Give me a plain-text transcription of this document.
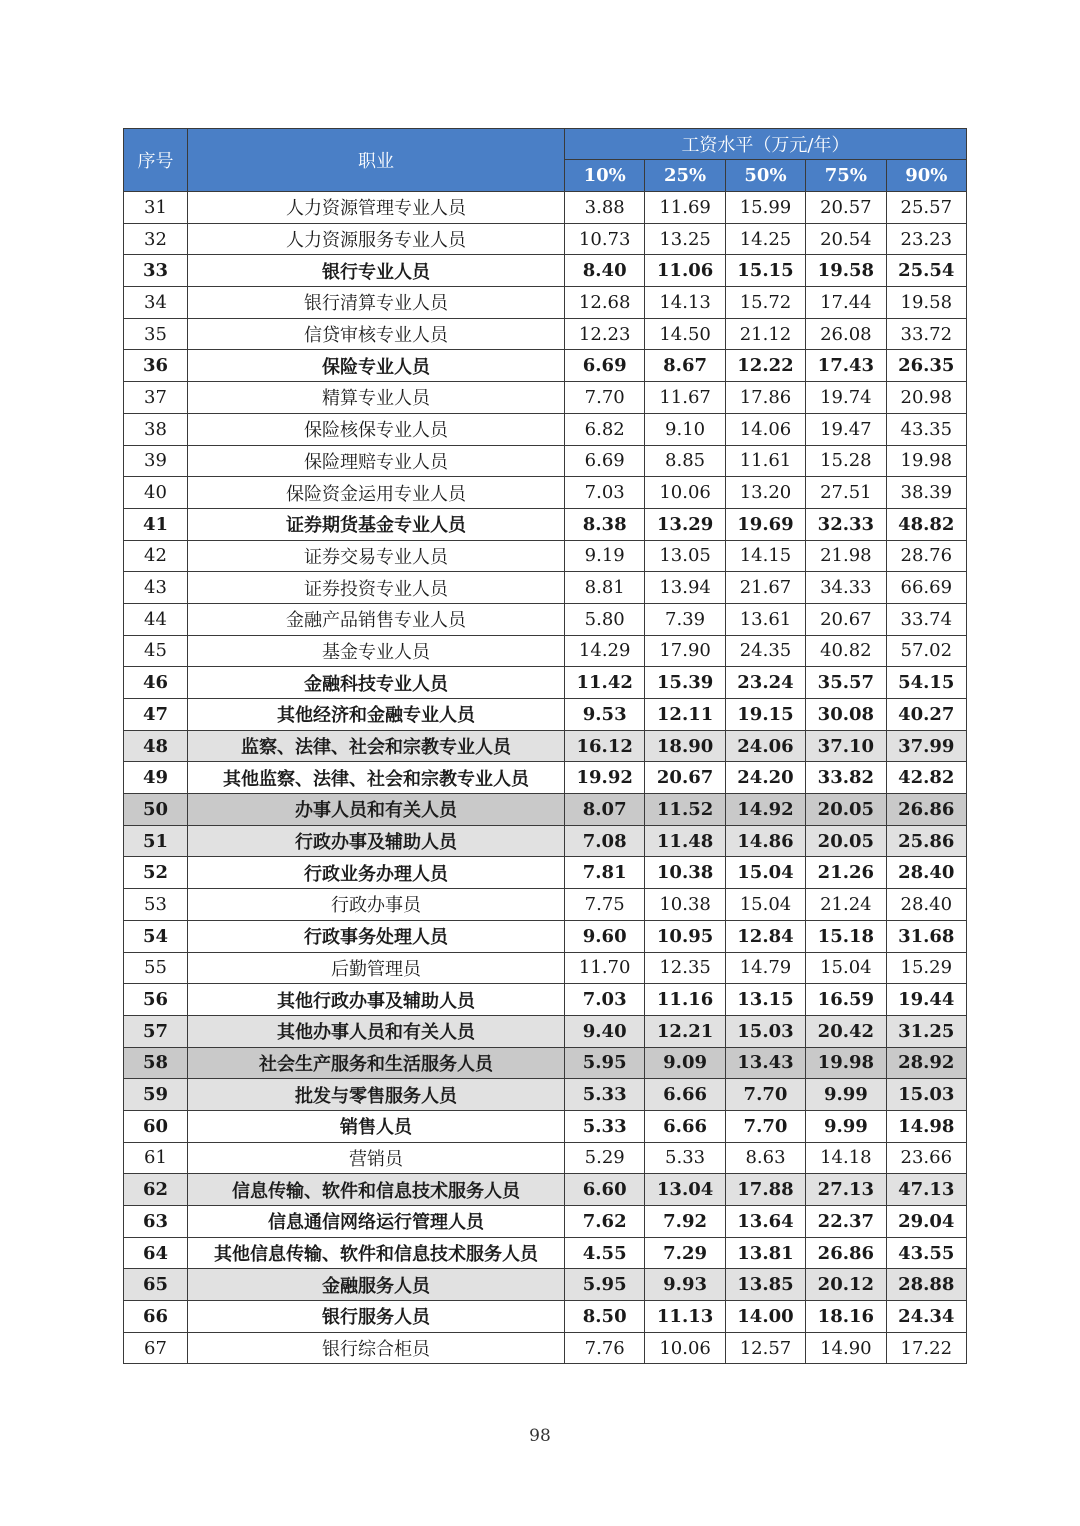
序号	职业	工资水平（万元/年）				
		10%	25%	50%	75%	90%
31	人力资源管理专业人员	3.88	11.69	15.99	20.57	25.57
32	人力资源服务专业人员	10.73	13.25	14.25	20.54	23.23
33	银行专业人员	8.40	11.06	15.15	19.58	25.54
34	银行清算专业人员	12.68	14.13	15.72	17.44	19.58
35	信贷审核专业人员	12.23	14.50	21.12	26.08	33.72
36	保险专业人员	6.69	8.67	12.22	17.43	26.35
37	精算专业人员	7.70	11.67	17.86	19.74	20.98
38	保险核保专业人员	6.82	9.10	14.06	19.47	43.35
39	保险理赔专业人员	6.69	8.85	11.61	15.28	19.98
40	保险资金运用专业人员	7.03	10.06	13.20	27.51	38.39
41	证券期货基金专业人员	8.38	13.29	19.69	32.33	48.82
42	证券交易专业人员	9.19	13.05	14.15	21.98	28.76
43	证券投资专业人员	8.81	13.94	21.67	34.33	66.69
44	金融产品销售专业人员	5.80	7.39	13.61	20.67	33.74
45	基金专业人员	14.29	17.90	24.35	40.82	57.02
46	金融科技专业人员	11.42	15.39	23.24	35.57	54.15
47	其他经济和金融专业人员	9.53	12.11	19.15	30.08	40.27
48	监察、法律、社会和宗教专业人员	16.12	18.90	24.06	37.10	37.99
49	其他监察、法律、社会和宗教专业人员	19.92	20.67	24.20	33.82	42.82
50	办事人员和有关人员	8.07	11.52	14.92	20.05	26.86
51	行政办事及辅助人员	7.08	11.48	14.86	20.05	25.86
52	行政业务办理人员	7.81	10.38	15.04	21.26	28.40
53	行政办事员	7.75	10.38	15.04	21.24	28.40
54	行政事务处理人员	9.60	10.95	12.84	15.18	31.68
55	后勤管理员	11.70	12.35	14.79	15.04	15.29
56	其他行政办事及辅助人员	7.03	11.16	13.15	16.59	19.44
57	其他办事人员和有关人员	9.40	12.21	15.03	20.42	31.25
58	社会生产服务和生活服务人员	5.95	9.09	13.43	19.98	28.92
59	批发与零售服务人员	5.33	6.66	7.70	9.99	15.03
60	销售人员	5.33	6.66	7.70	9.99	14.98
61	营销员	5.29	5.33	8.63	14.18	23.66
62	信息传输、软件和信息技术服务人员	6.60	13.04	17.88	27.13	47.13
63	信息通信网络运行管理人员	7.62	7.92	13.64	22.37	29.04
64	其他信息传输、软件和信息技术服务人员	4.55	7.29	13.81	26.86	43.55
65	金融服务人员	5.95	9.93	13.85	20.12	28.88
66	银行服务人员	8.50	11.13	14.00	18.16	24.34
67	银行综合柜员	7.76	10.06	12.57	14.90	17.22
98
